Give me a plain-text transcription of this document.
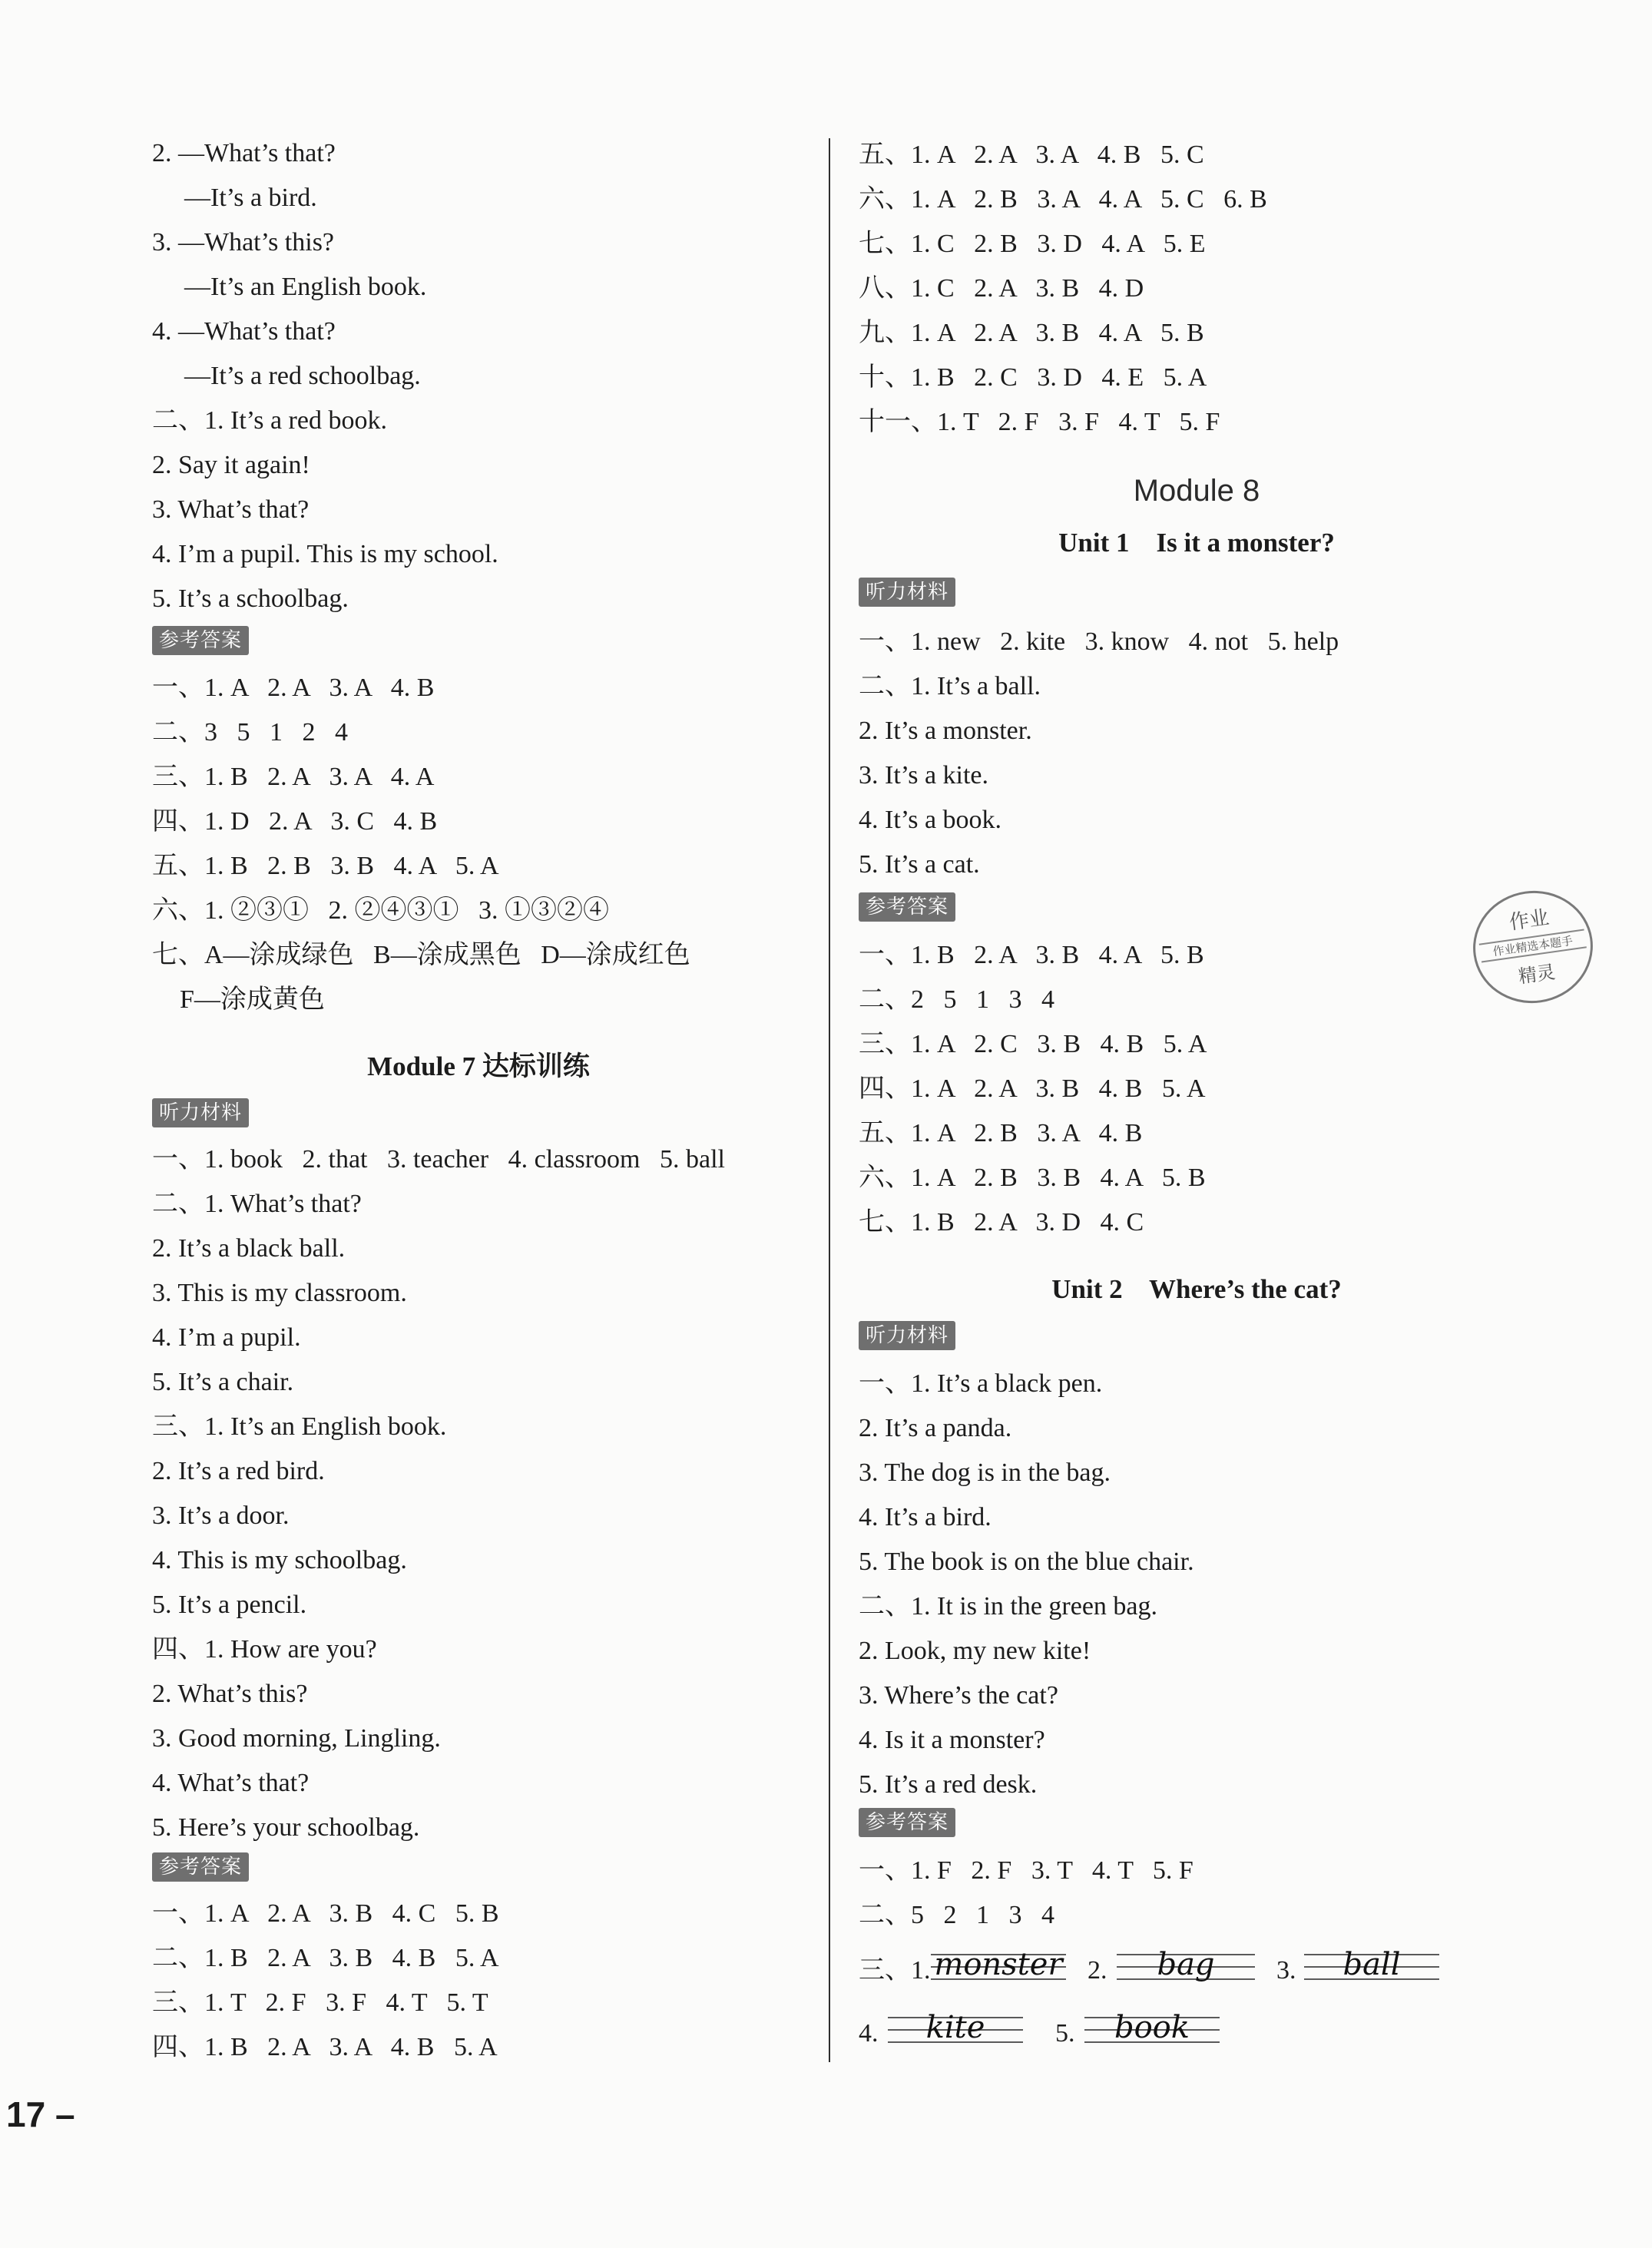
2. —What’s that?
—It’s a bird.
3. —What’s this?
—It’s an English book.
4. —What’s that?
—It’s a red schoolbag.
二、1. It’s a red book.
2. Say it again!
3. What’s that?
4. I’m a pupil. This is my school.
5. It’s a schoolbag.
参考答案
一、1. A   2. A   3. A   4. B
二、3   5   1   2   4
三、1. B   2. A   3. A   4. A
四、1. D   2. A   3. C   4. B
五、1. B   2. B   3. B   4. A   5. A
六、1. ②③①   2. ②④③①   3. ①③②④
七、A—涂成绿色   B—涂成黑色   D—涂成红色
F—涂成黄色
Module 7 达标训练
听力材料
一、1. book   2. that   3. teacher   4. classroom   5. ball
二、1. What’s that?
2. It’s a black ball.
3. This is my classroom.
4. I’m a pupil.
5. It’s a chair.
三、1. It’s an English book.
2. It’s a red bird.
3. It’s a door.
4. This is my schoolbag.
5. It’s a pencil.
四、1. How are you?
2. What’s this?
3. Good morning, Lingling.
4. What’s that?
5. Here’s your schoolbag.
参考答案
一、1. A   2. A   3. B   4. C   5. B
二、1. B   2. A   3. B   4. B   5. A
三、1. T   2. F   3. F   4. T   5. T
四、1. B   2. A   3. A   4. B   5. A
五、1. A   2. A   3. A   4. B   5. C
六、1. A   2. B   3. A   4. A   5. C   6. B
七、1. C   2. B   3. D   4. A   5. E
八、1. C   2. A   3. B   4. D
九、1. A   2. A   3. B   4. A   5. B
十、1. B   2. C   3. D   4. E   5. A
十一、1. T   2. F   3. F   4. T   5. F
Module 8
Unit 1    Is it a monster?
听力材料
一、1. new   2. kite   3. know   4. not   5. help
二、1. It’s a ball.
2. It’s a monster.
3. It’s a kite.
4. It’s a book.
5. It’s a cat.
参考答案
一、1. B   2. A   3. B   4. A   5. B
二、2   5   1   3   4
三、1. A   2. C   3. B   4. B   5. A
四、1. A   2. A   3. B   4. B   5. A
五、1. A   2. B   3. A   4. B
六、1. A   2. B   3. B   4. A   5. B
七、1. B   2. A   3. D   4. C
Unit 2    Where’s the cat?
听力材料
一、1. It’s a black pen.
2. It’s a panda.
3. The dog is in the bag.
4. It’s a bird.
5. The book is on the blue chair.
二、1. It is in the green bag.
2. Look, my new kite!
3. Where’s the cat?
4. Is it a monster?
5. It’s a red desk.
参考答案
一、1. F   2. F   3. T   4. T   5. F
二、5   2   1   3   4
三、1. monster 2.	bag	3.	ball
4.	kite	5.	book
作业
作业精选本题手
精灵
17 –
